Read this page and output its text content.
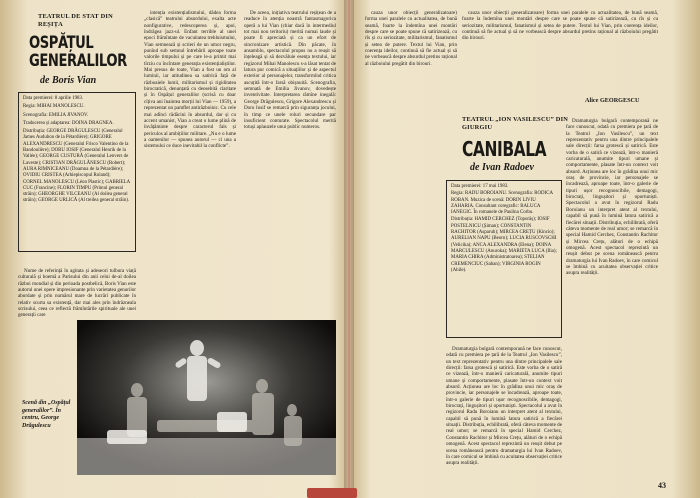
TEATRUL DE STAT DIN REȘIȚA
OSPĂȚUL
GENERALILOR
de Boris Vian

Data premierei: 8 aprilie 1983.

Regia: MIHAI MANOLESCU.

Scenografia: EMILIA JIVANOV.

Traducerea și adaptarea: DOINA DRAGNEA.

Distribuția: GEORGE DRĂGULESCU (Generalul James Audubon de la Pétardière); GRIGORE ALEXANDRESCU (Generalul Frisco Valentino de la Bandoulière); DORU IOSIF (Generalul Henrik de la Vallée); GEORGE CUSTURĂ (Generalul Lenvers de Laveste); CRISTIAN DRĂGULĂNESCU (Robert); AURA RIMNICEANU (Doamna de la Pétardière); OVIDIU CRISTEA (Arhiepiscopul Roland); CORNEL MANOLESCU (Léon Plastic); GABRIELA CUC (Francine); FLORIN TIMPU (Primul general străin); GHEORGHE VILCEANU (Al doilea general străin); GEORGE URLICĂ (Al treilea general străin).

Nume de referință în agitata și adeseori tulbura viață culturală și boemă a Parisului din anii celui de-al doilea război mondial și din perioada postbelică, Boris Vian este autorul unei opere impresionante prin varietatea genurilor abordate și prin numărul mare de lucrări publicate în relativ scurta sa existență, dar mai ales prin îndrăzneala scrisului, ceea ce reflectă frămîntările spirituale ale unei generații care

intenția existențialismului, dădea forma „clasică” teatrului absurdului, exalta acte nonfigurative, redescoperea și, apoi, îndrăgea jazz-ul. Enfant terrible al unei epoci frămîntate de vacuitatea trebluismului, Vian semnează și scrieri de un umor negru, punînd sub semnul întrebării aproape toate valorile timpului și pe care le-a primit mai tîrziu cu încîntare generația existențialiștilor. Mai presus de toate, Vian a fost un om al luminii, iar atitudinea sa satirică față de războaiele lumii, militarismul și rigiditatea birocratică, denunțată cu deosebită claritate și în Ospățul generalilor (scrisă cu doar cîțiva ani înaintea morții lui Vian — 1959), a reprezentat un pamflet antirăzboinic. Cu cele mai adînci rădăcini în absurdul, dar și cu accent umanist, Vian a creat o lume plină de învățăminte despre caracterul fals și periculos al ambițiilor militare. „Nu e o lume a oamenilor — spunea autorul — ci una a sistemului ce duce inevitabil la conflicte”.

De aceea, inițiativa teatrului reșițean de a readuce în atenția noastră fantasmagorica operă a lui Vian (chiar dacă în intermediul tot mai nou teritoriu) merită numai laude și poate fi apreciată și ca un efort de sincronizare artistică. Din păcate, în ansamblu, spectacolul propus nu a reușit să înțeleagă și să dezvăluie esența textului, iar regizorul Mihai Manolescu s-a lăsat tentat de latura pur comică a situațiilor și de aspectul exterior al personajelor, transformînd critica ascuțită într-o farsă obișnuită. Scenografia, semnată de Emilia Jivanov, dovedește inventivitate. Interpretarea rămîne inegală: George Drăgulescu, Grigore Alexandrescu și Doru Iosif se remarcă prin siguranța jocului, în timp ce unele roluri secundare par insuficient conturate. Spectacolul merită totuși aplauzele unui public numeros.

Scenă din „Ospățul generalilor”. În centru, George Drăgulescu

cauza unor obiecții generalizatoare) forma unei paralele cu actualitatea, de bună seamă, foarte la îndemîna unei montări despre care se poate spune că satirizează, cu rîs și cu seriozitate, militarismul, fanatismul și setea de putere. Textul lui Vian, prin coerența ideilor, continuă să fie actual și să ne vorbească despre absurdul pretins rațional al războiului pregătit din birouri.

cauza unor obiecții generalizatoare) forma unei paralele cu actualitatea, de bună seamă, foarte la îndemîna unei montări despre care se poate spune că satirizează, cu rîs și cu seriozitate, militarismul, fanatismul și setea de putere. Textul lui Vian, prin coerența ideilor, continuă să fie actual și să ne vorbească despre absurdul pretins rațional al războiului pregătit din birouri.

Alice GEORGESCU
TEATRUL „ION VASILESCU” DIN GIURGIU
CANIBALA
de Ivan Radoev

Data premierei: 17 mai 1983.

Regia: RADU BOROIANU. Scenografia: RODICA ROBAN. Muzica de scenă: DORIN LIVIU ZAHARIA. Consultant coregrafic: RALUCA IANEGIC. În romanele de Paulina Corbu.

Distribuția: HAMID CERCHEZ (Toporăș); IOSIF POSTELNICU (Șiman); CONSTANTIN RACHITOR (Asparuh); MIRCEA CREȚU (Kincio); AURELIAN NAPU (Beorn); LUCIA RUSCOVSCHI (Velicika); ANCA ALEXANDRA (Elena); DOINA MARCULESCU (Anuroka); MARIETA LUCA (Ilia); MARIA CHIRA (Administratoarea); STELIAN CREMENCIUC (Saban); VIRGINIA ROGIN (Ahile).

Dramaturgia bulgară contemporană ne face cunoscut, odată cu premiera pe țară de la Teatrul „Ion Vasilescu”, un text reprezentativ pentru una dintre principalele sale direcții: farsa grotescă și satirică. Este vorba de o satiră ce vizează, într-o manieră caricaturală, anumite tipuri umane și comportamente, plasate într-un context voit absurd. Acțiunea are loc în grădina unui mic oraș de provincie, iar personajele se încadrează, aproape toate, într-o galerie de tipuri ușor recognoscibile, demagogi, birocrați, lingușitori și oportuniști. Spectacolul a avut în regizorul Radu Boroianu un interpret atent al textului, capabil să pună în lumină latura satirică a fiecărei situații. Distribuția, echilibrată, oferă câteva momente de real umor; se remarcă în special Hamid Cerchez, Constantin Rachitor și Mircea Crețu, alături de o echipă omogenă. Acest spectacol reprezintă un reușit debut pe scena românească pentru dramaturgia lui Ivan Radoev, în care comicul se îmbină cu acuitatea observației critice asupra realității.

Dramaturgia bulgară contemporană ne face cunoscut, odată cu premiera pe țară de la Teatrul „Ion Vasilescu”, un text reprezentativ pentru una dintre principalele sale direcții: farsa grotescă și satirică. Este vorba de o satiră ce vizează, într-o manieră caricaturală, anumite tipuri umane și comportamente, plasate într-un context voit absurd. Acțiunea are loc în grădina unui mic oraș de provincie, iar personajele se încadrează, aproape toate, într-o galerie de tipuri ușor recognoscibile, demagogi, birocrați, lingușitori și oportuniști. Spectacolul a avut în regizorul Radu Boroianu un interpret atent al textului, capabil să pună în lumină latura satirică a fiecărei situații. Distribuția, echilibrată, oferă câteva momente de real umor; se remarcă în special Hamid Cerchez, Constantin Rachitor și Mircea Crețu, alături de o echipă omogenă. Acest spectacol reprezintă un reușit debut pe scena românească pentru dramaturgia lui Ivan Radoev, în care comicul se îmbină cu acuitatea observației critice asupra realității.

43
